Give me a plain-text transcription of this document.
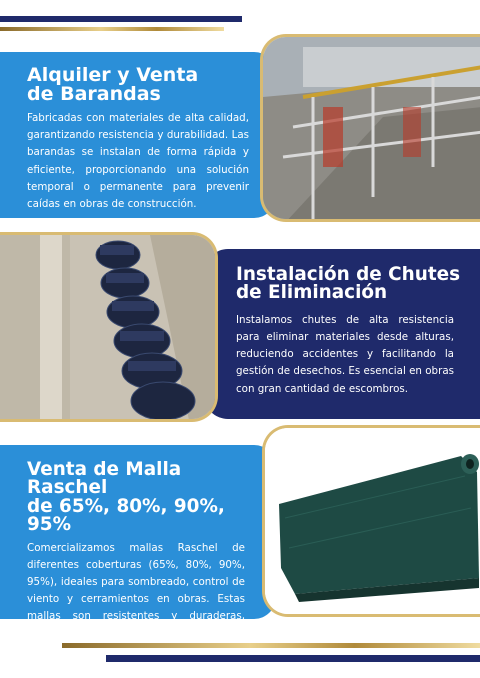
Alquiler y Venta
de Barandas

Fabricadas con materiales de alta calidad, garantizando resistencia y durabilidad. Las barandas se instalan de forma rápida y eficiente, proporcionando una solución temporal o permanente para prevenir caídas en obras de construcción.

Instalación de Chutes
de Eliminación

Instalamos chutes de alta resistencia para eliminar materiales desde alturas, reduciendo accidentes y facilitando la gestión de desechos. Es esencial en obras con gran cantidad de escombros.

Venta de Malla Raschel
de 65%, 80%, 90%, 95%

Comercializamos mallas Raschel de diferentes coberturas (65%, 80%, 90%, 95%), ideales para sombreado, control de viento y cerramientos en obras. Estas mallas son resistentes y duraderas, perfectas para entornos industriales.
